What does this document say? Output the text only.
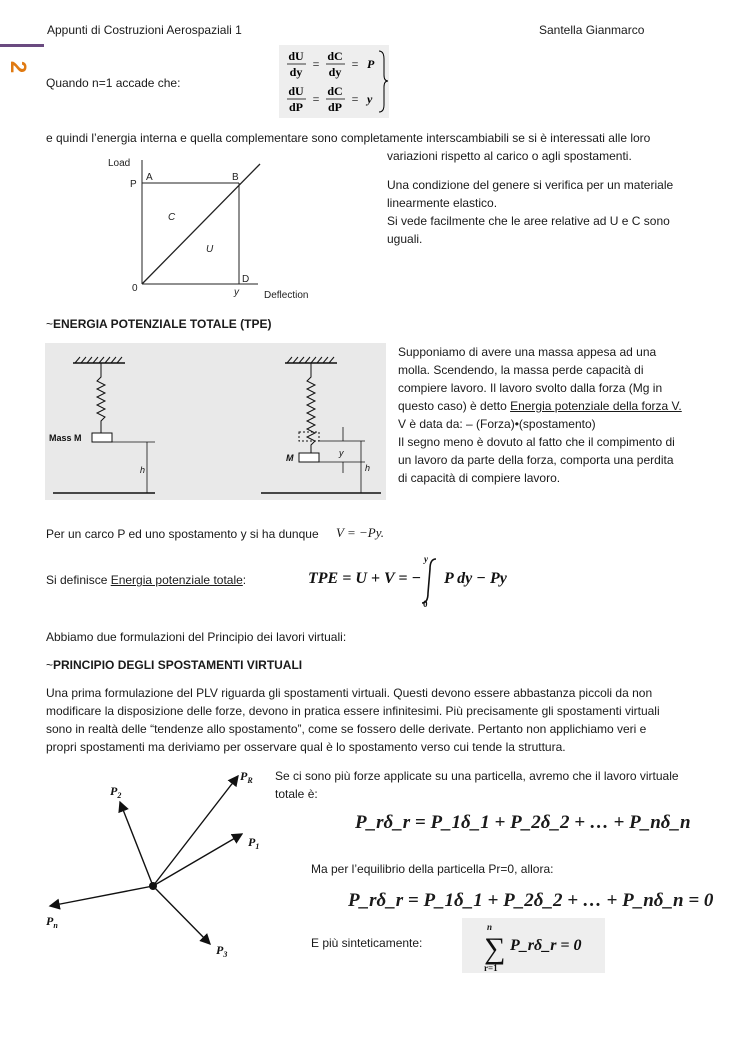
Appunti di Costruzioni Aerospaziali 1	Santella Gianmarco
2
Quando n=1 accade che:
dU
dy
=
dC
dy
= P
dU
dP
=
dC
dP
= y
e quindi l’energia interna e quella complementare sono completamente interscambiabili se si è interessati alle loro
variazioni rispetto al carico o agli spostamenti.
Una condizione del genere si verifica per un materiale
linearmente elastico.
Si vede facilmente che le aree relative ad U e C sono
uguali.
Load
P
A	B
C
U
0
D
y	Deflection
~ENERGIA POTENZIALE TOTALE (TPE)
Mass M
h
M	y
h
Supponiamo di avere una massa appesa ad una
molla. Scendendo, la massa perde capacità di
compiere lavoro. Il lavoro svolto dalla forza (Mg in
questo caso) è detto Energia potenziale della forza V.
V è data da: – (Forza)•(spostamento)
Il segno meno è dovuto al fatto che il compimento di
un lavoro da parte della forza, comporta una perdita
di capacità di compiere lavoro.
Per un carco P ed uno spostamento y si ha dunque V = −Py.
Si definisce Energia potenziale totale:	TPE = U + V = − P dy − Py
y
0
Abbiamo due formulazioni del Principio dei lavori virtuali:
~PRINCIPIO DEGLI SPOSTAMENTI VIRTUALI
Una prima formulazione del PLV riguarda gli spostamenti virtuali. Questi devono essere abbastanza piccoli da non
modificare la disposizione delle forze, devono in pratica essere infinitesimi. Più precisamente gli spostamenti virtuali
sono in realtà delle “tendenze allo spostamento”, come se fossero delle derivate. Pertanto non applichiamo veri e
propri spostamenti ma deriviamo per osservare qual è lo spostamento verso cui tende la struttura.
$P_2$
$P_R$
$P_1$
$P_n$
$P_3$
Se ci sono più forze applicate su una particella, avremo che il lavoro virtuale
totale è:
P_rδ_r = P_1δ_1 + P_2δ_2 + … + P_nδ_n
Ma per l’equilibrio della particella Pr=0, allora:
P_rδ_r = P_1δ_1 + P_2δ_2 + … + P_nδ_n = 0
E più sinteticamente: ∑
n
r=1
P_rδ_r = 0
